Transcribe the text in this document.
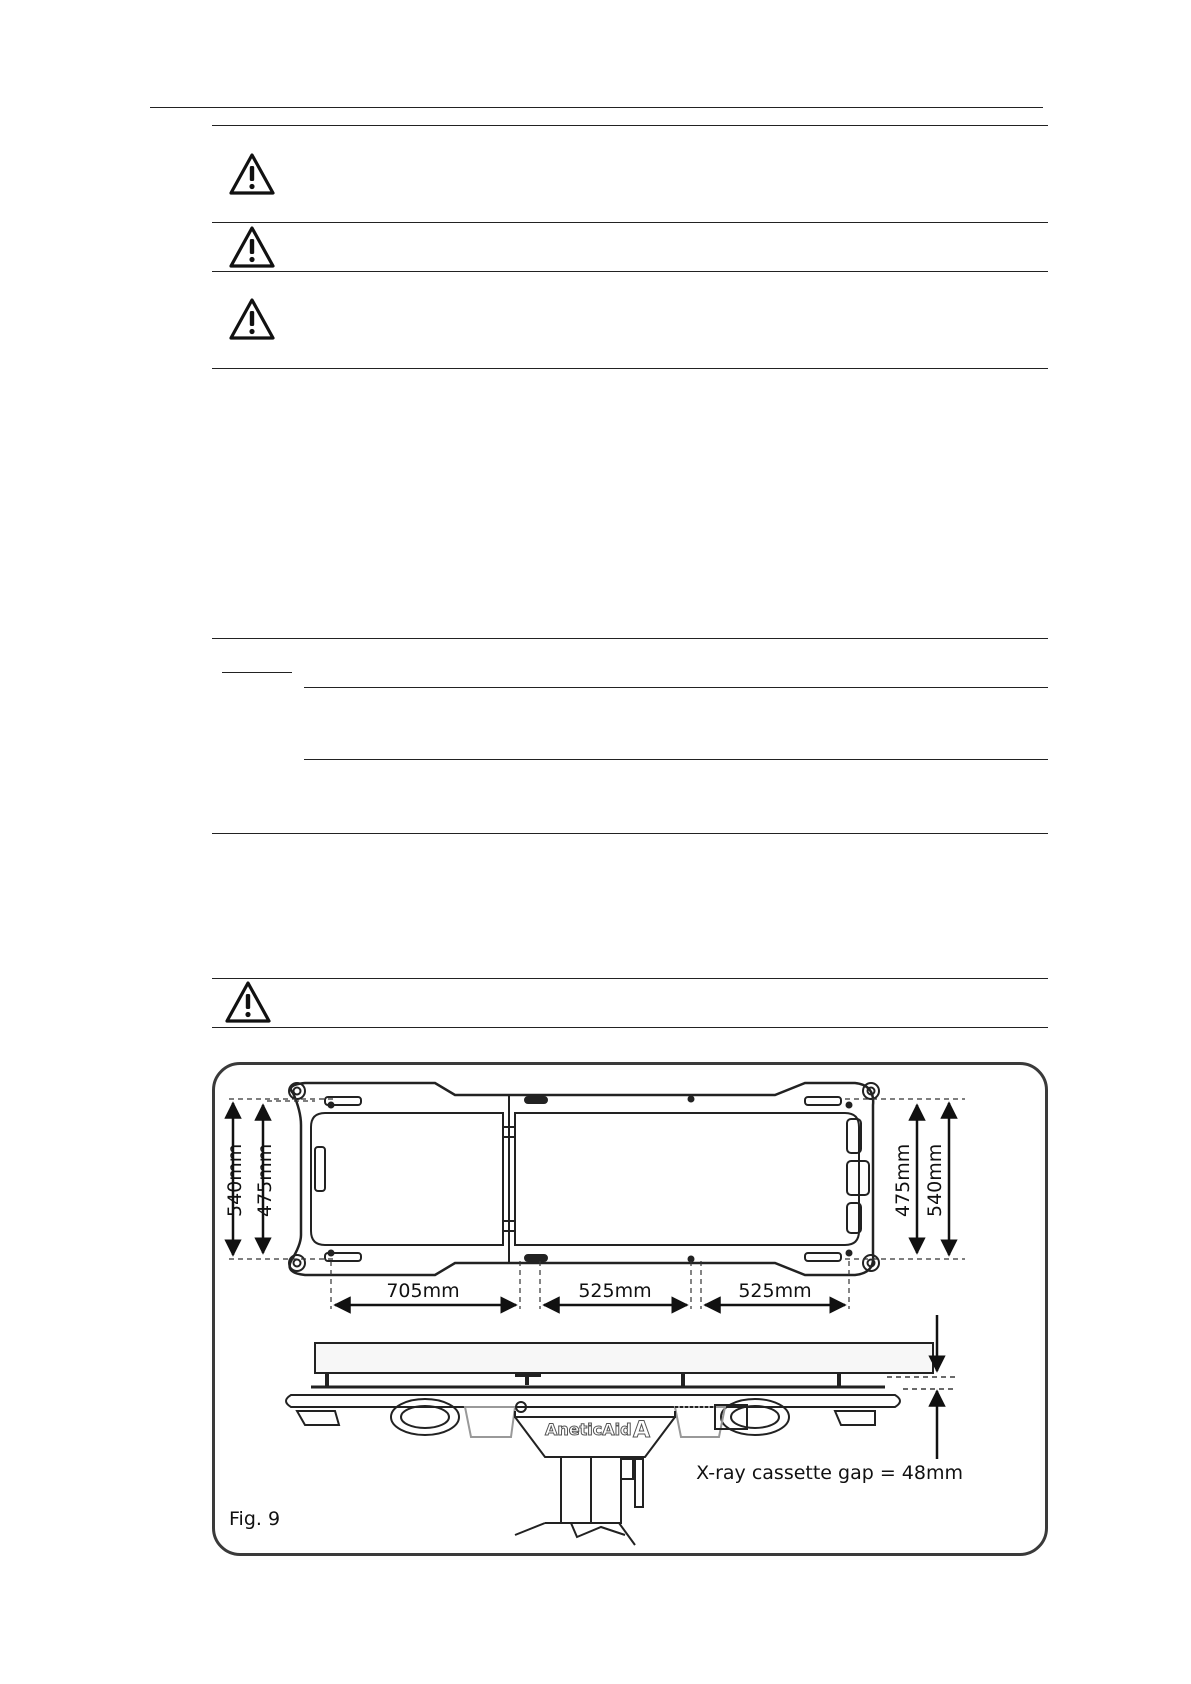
540mm 475mm	475mm 540mm
705mm	525mm	525mm
AneticAid A
X-ray cassette gap = 48mm
Fig. 9
